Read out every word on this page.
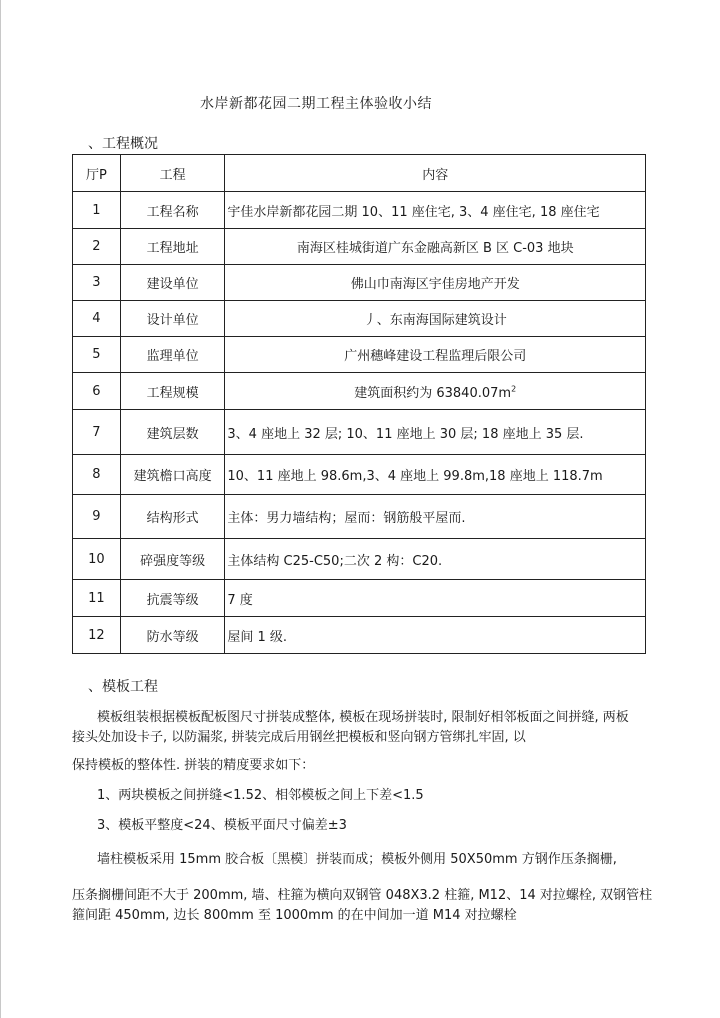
水岸新都花园二期工程主体验收小结
、工程概况
厅P	工程	内容
1	工程名称	宇佳水岸新都花园二期 10、11 座住宅, 3、4 座住宅, 18 座住宅
2	工程地址	南海区桂城街道广东金融高新区 B 区 C-03 地块
3	建设单位	佛山巾南海区宇佳房地产开发
4	设计单位	丿、东南海国际建筑设计
5	监理单位	广州穗峰建设工程监理后限公司
6	工程规模	建筑面积约为 $63840.07m^2$
7	建筑层数	3、4 座地上 32 层; 10、11 座地上 30 层; 18 座地上 35 层.
8	建筑檐口高度	10、11 座地上 98.6m,3、4 座地上 99.8m,18 座地上 118.7m
9	结构形式	主体：男力墙结构；屋而：钢筋般平屋而.
10	碎强度等级	主体结构 C25-C50;二次 2 构：C20.
11	抗震等级	7 度
12	防水等级	屋间 1 级.
、模板工程
模板组装根据模板配板图尺寸拼装成整体, 模板在现场拼装时, 限制好相邻板面之间拼缝, 两板
接头处加设卡子, 以防漏浆, 拼装完成后用钢丝把模板和竖向钢方管绑扎牢固, 以
保持模板的整体性. 拼装的精度要求如下：
1、两块模板之间拼缝<1.52、相邻模板之间上下差<1.5
3、模板平整度<24、模板平面尺寸偏差±3
墙柱模板采用 15mm 胶合板〔黑模〕拼装而成；模板外侧用 50X50mm 方钢作压条搁栅,
压条搁栅间距不大于 200mm, 墙、柱箍为横向双钢管 048X3.2 柱箍, M12、14 对拉螺栓, 双钢管柱
箍间距 450mm, 边长 800mm 至 1000mm 的在中间加一道 M14 对拉螺栓
